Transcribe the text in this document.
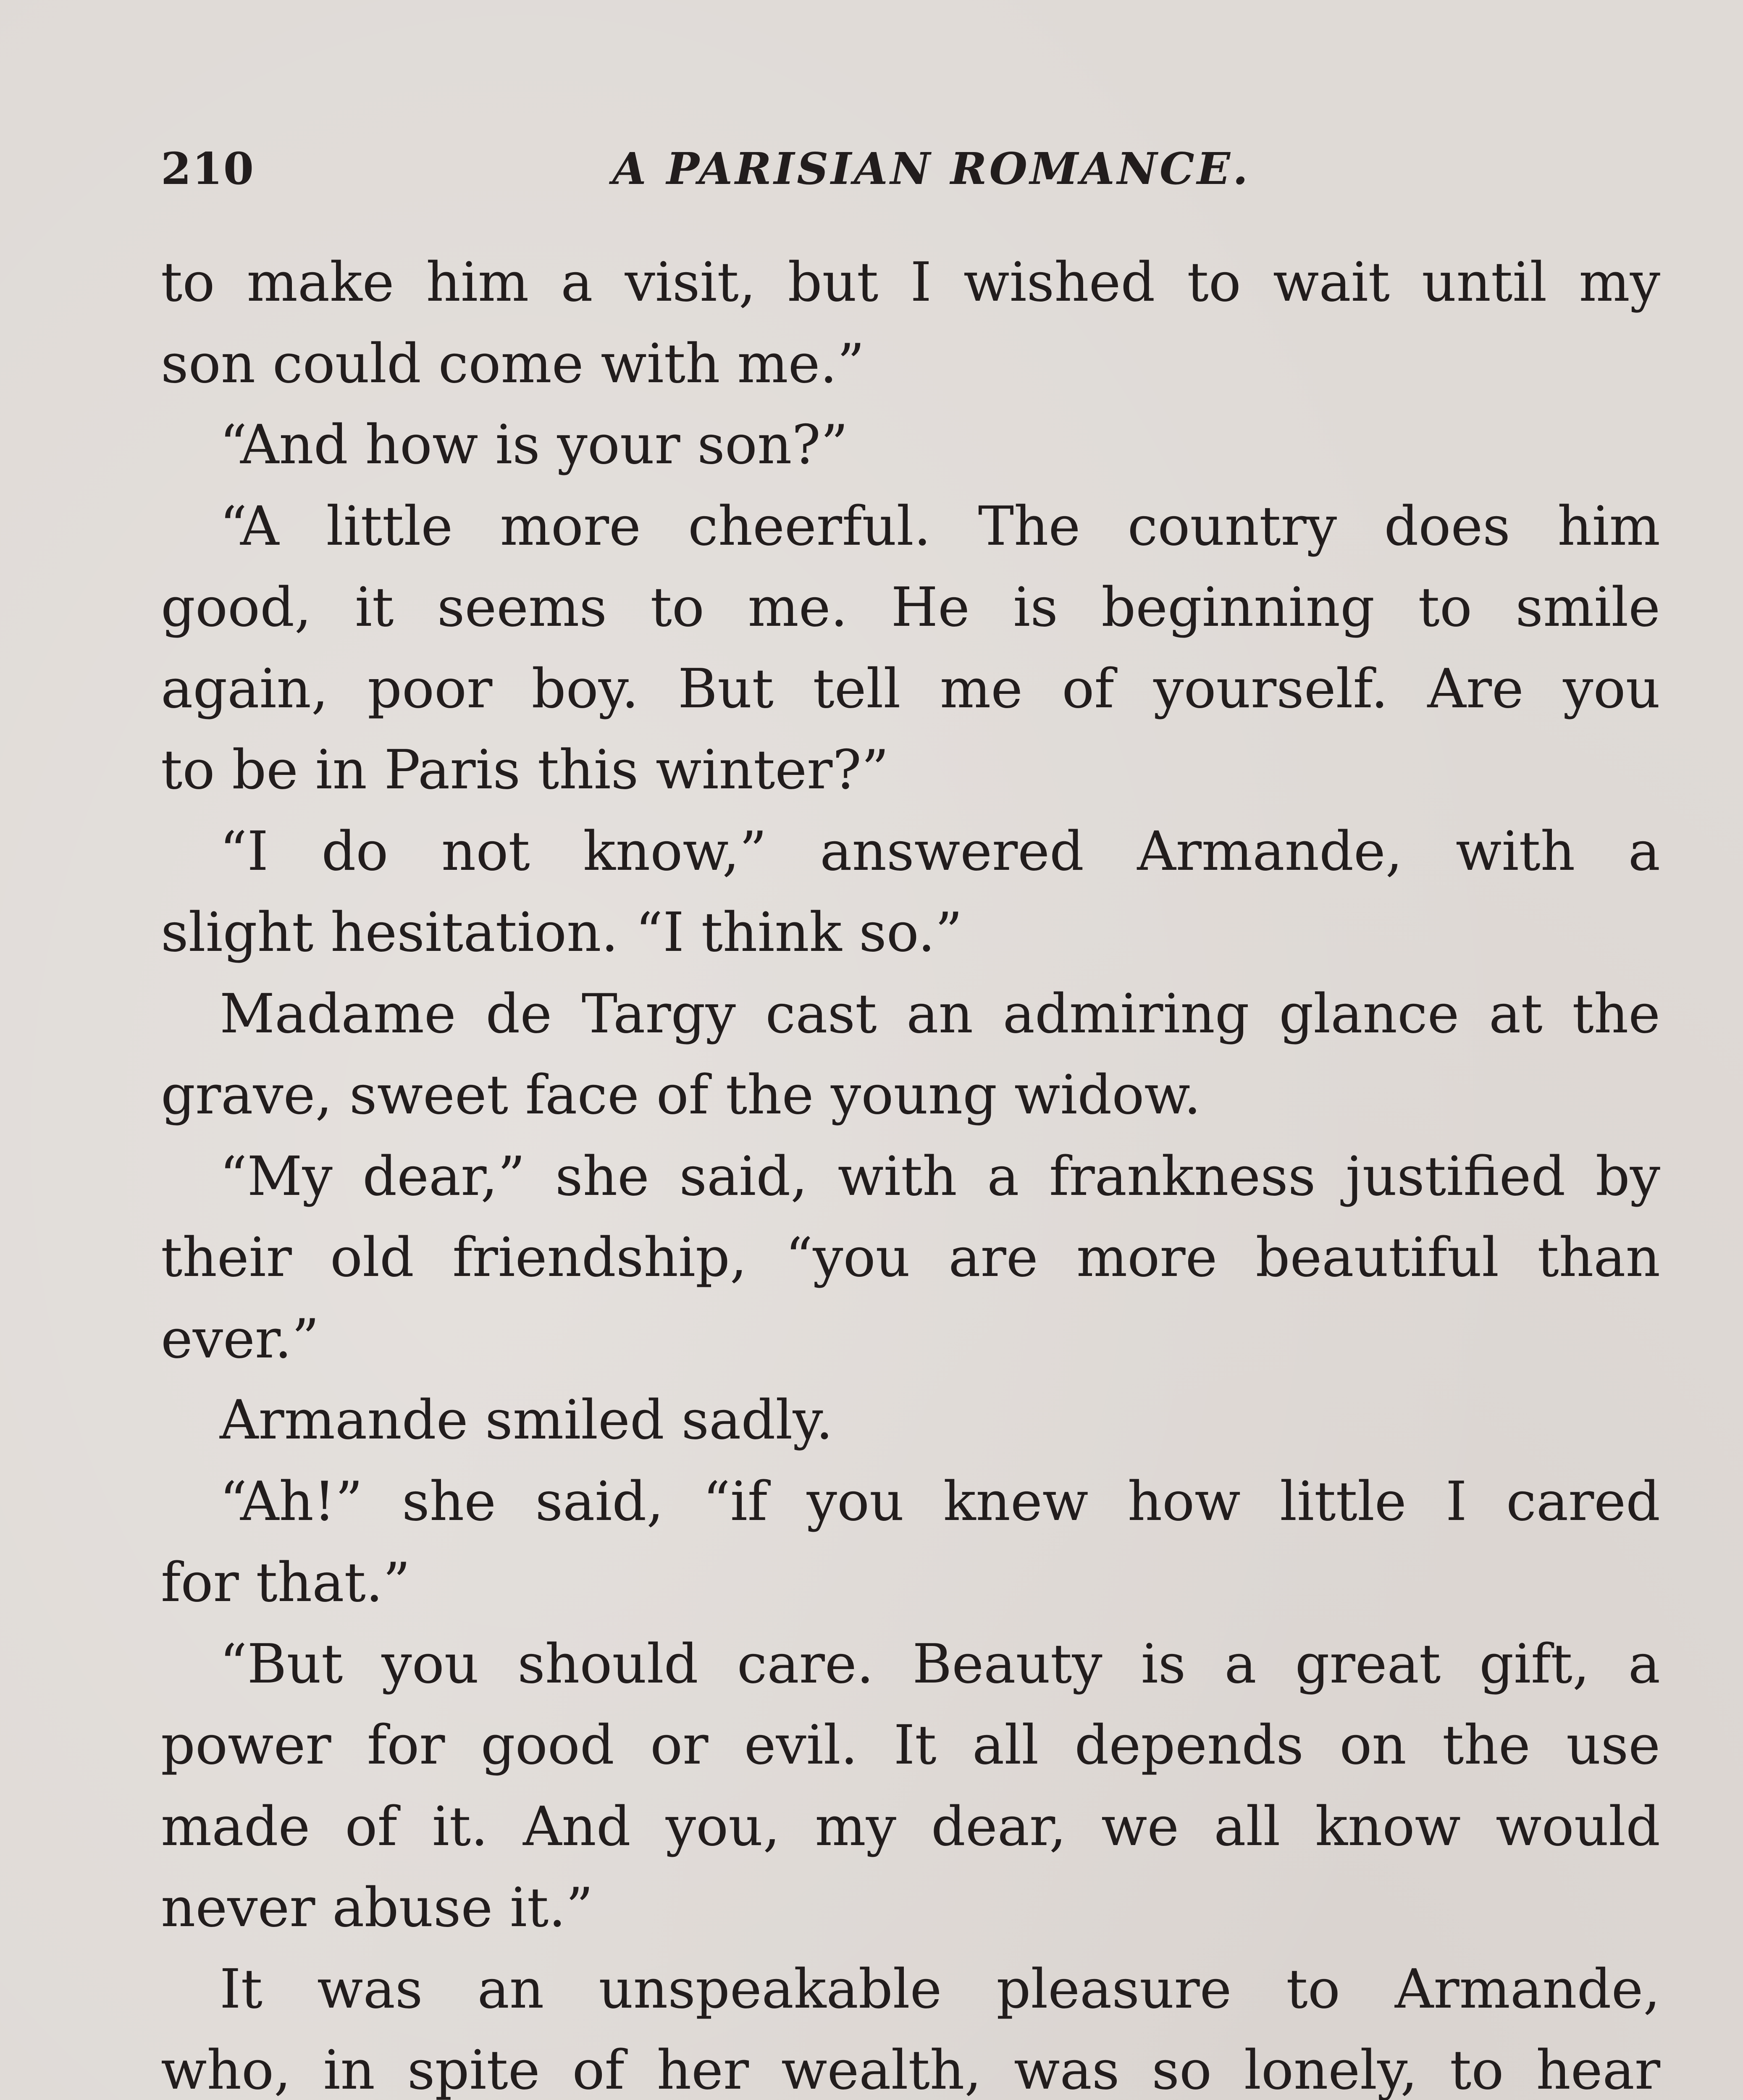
210	A PARISIAN ROMANCE.
to make him a visit, but I wished to wait until my
son could come with me.”
“And how is your son?”
“A little more cheerful. The country does him
good, it seems to me. He is beginning to smile
again, poor boy. But tell me of yourself. Are you
to be in Paris this winter?”
“I do not know,” answered Armande, with a
slight hesitation. “I think so.”
Madame de Targy cast an admiring glance at the
grave, sweet face of the young widow.
“My dear,” she said, with a frankness justified by
their old friendship, “you are more beautiful than
ever.”
Armande smiled sadly.
“Ah!” she said, “if you knew how little I cared
for that.”
“But you should care. Beauty is a great gift, a
power for good or evil. It all depends on the use
made of it. And you, my dear, we all know would
never abuse it.”
It was an unspeakable pleasure to Armande,
who, in spite of her wealth, was so lonely, to hear
